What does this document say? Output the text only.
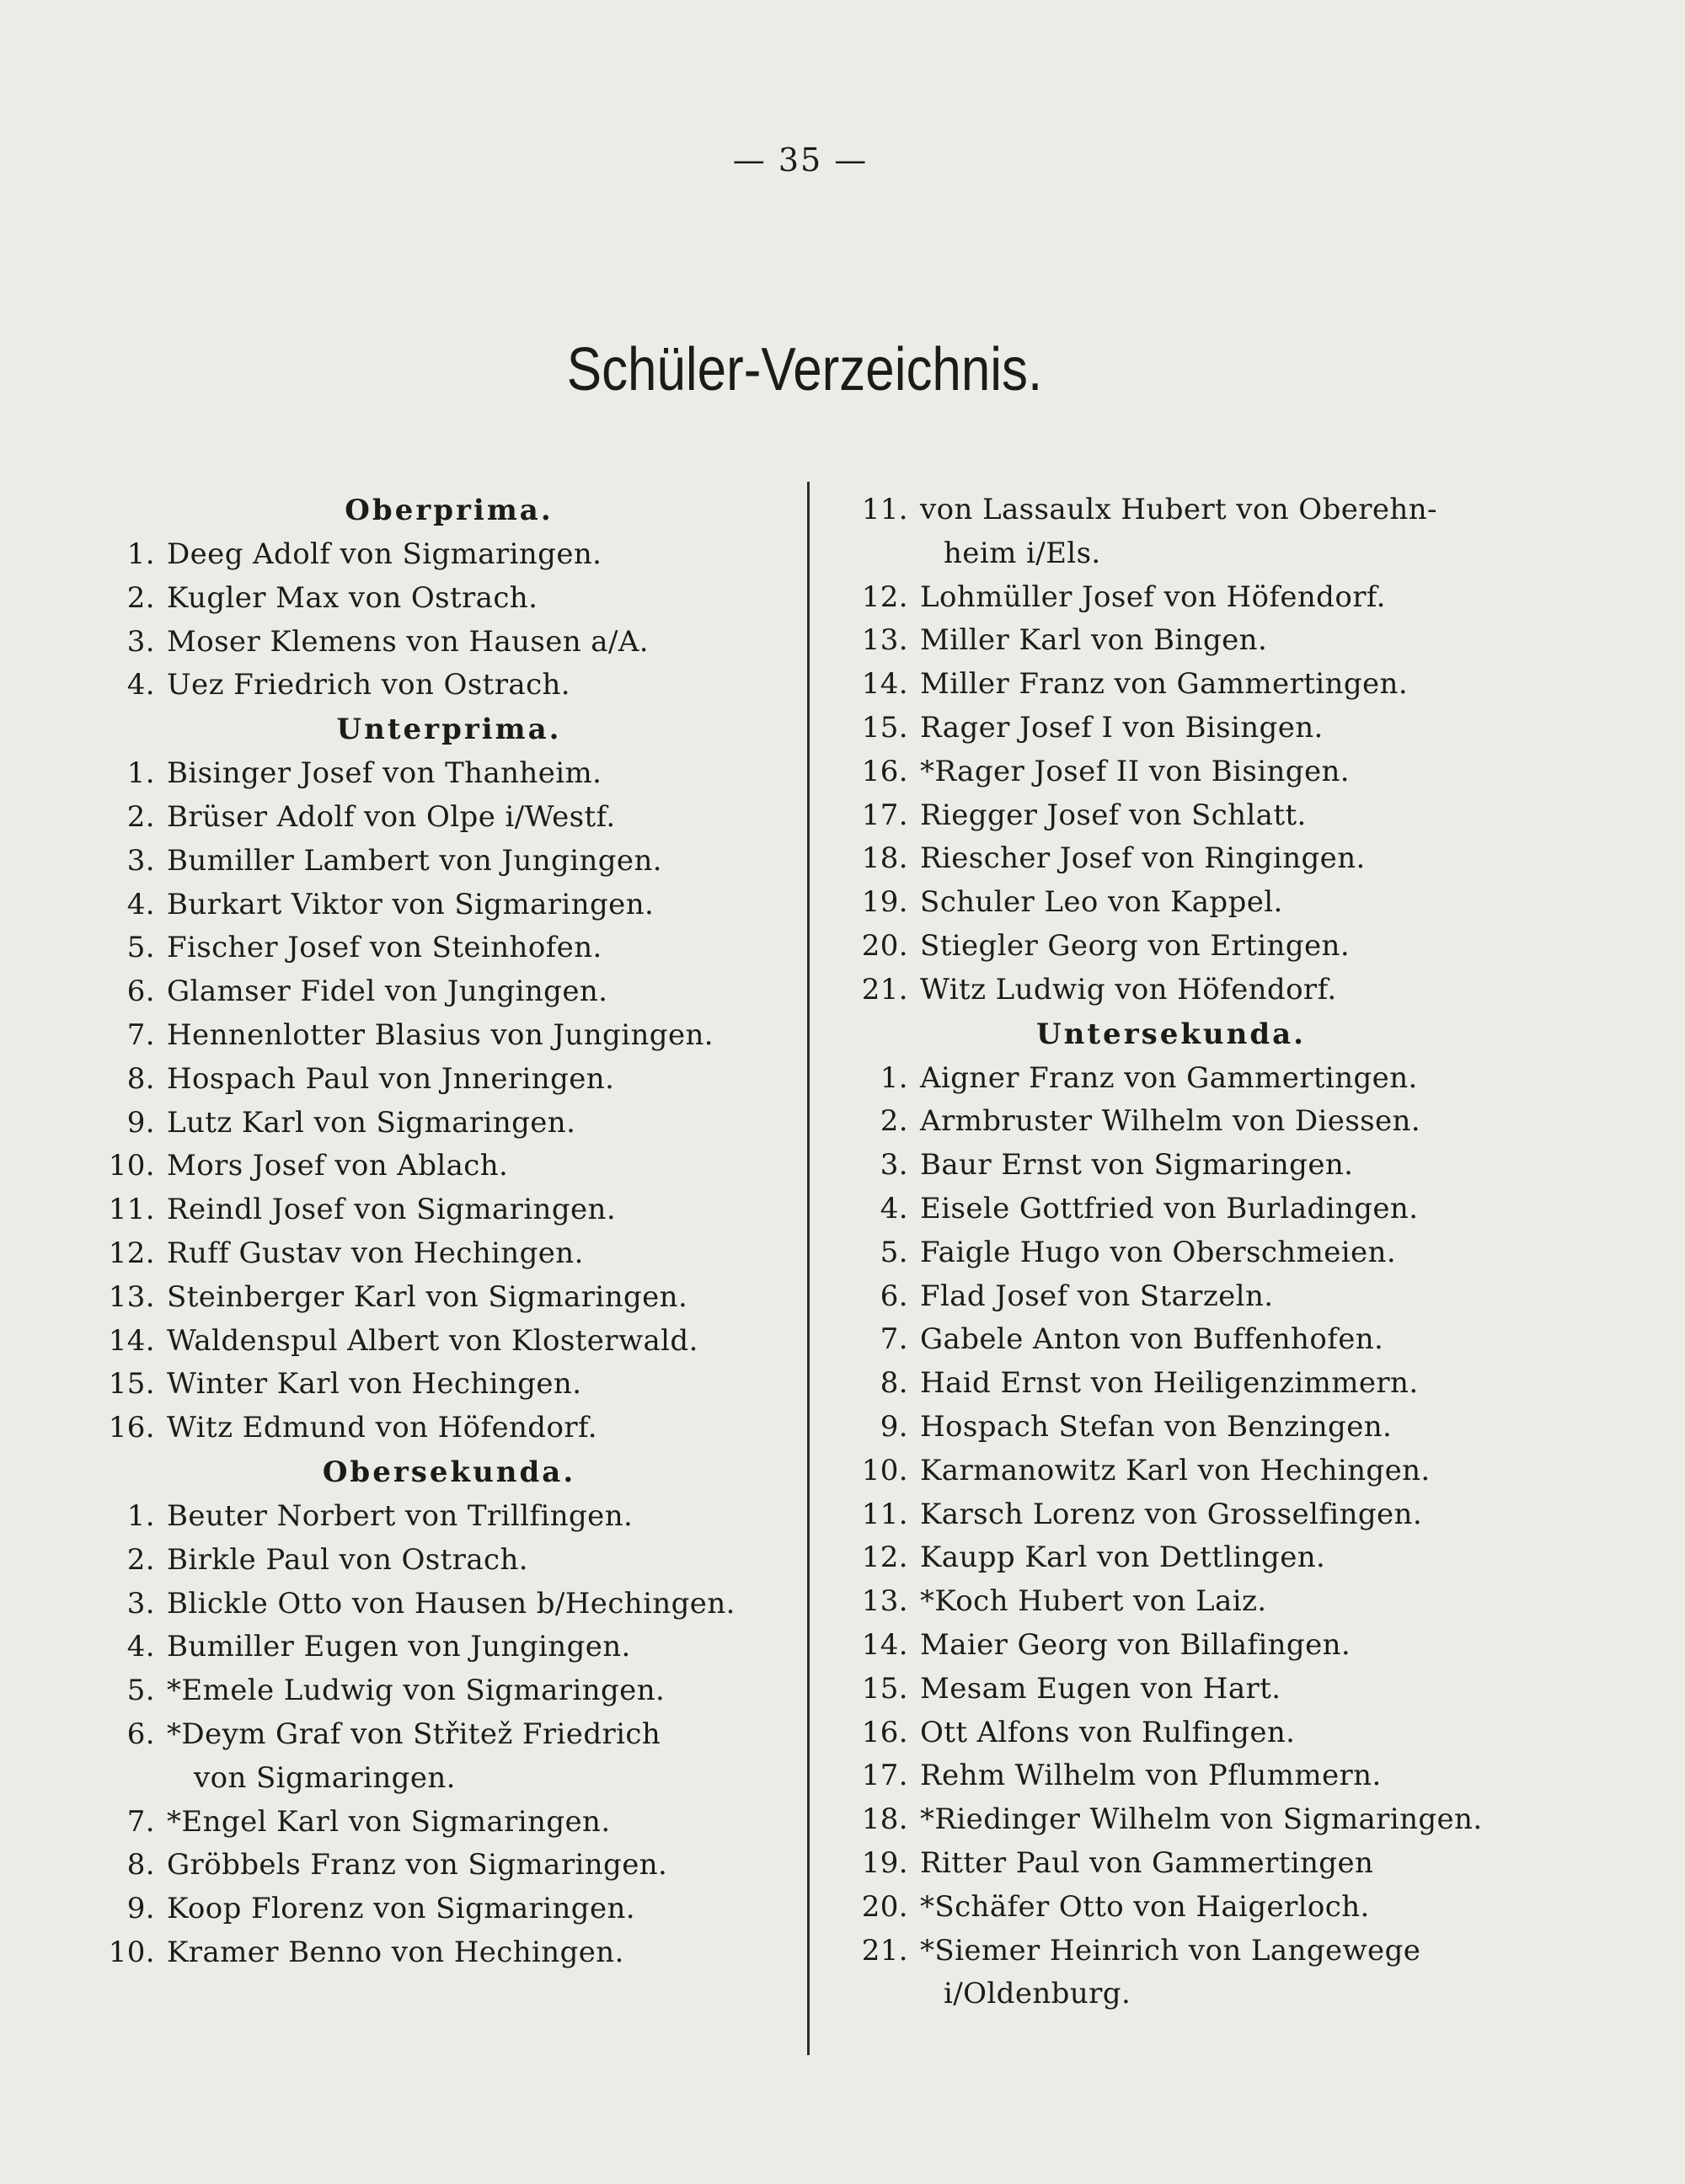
— 35 —
Schüler-Verzeichnis.
Oberprima.
1. Deeg Adolf von Sigmaringen.
2. Kugler Max von Ostrach.
3. Moser Klemens von Hausen a/A.
4. Uez Friedrich von Ostrach.
Unterprima.
1. Bisinger Josef von Thanheim.
2. Brüser Adolf von Olpe i/Westf.
3. Bumiller Lambert von Jungingen.
4. Burkart Viktor von Sigmaringen.
5. Fischer Josef von Steinhofen.
6. Glamser Fidel von Jungingen.
7. Hennenlotter Blasius von Jungingen.
8. Hospach Paul von Jnneringen.
9. Lutz Karl von Sigmaringen.
10. Mors Josef von Ablach.
11. Reindl Josef von Sigmaringen.
12. Ruff Gustav von Hechingen.
13. Steinberger Karl von Sigmaringen.
14. Waldenspul Albert von Klosterwald.
15. Winter Karl von Hechingen.
16. Witz Edmund von Höfendorf.
Obersekunda.
1. Beuter Norbert von Trillfingen.
2. Birkle Paul von Ostrach.
3. Blickle Otto von Hausen b/Hechingen.
4. Bumiller Eugen von Jungingen.
5. *Emele Ludwig von Sigmaringen.
6. *Deym Graf von Střitež Friedrich
von Sigmaringen.
7. *Engel Karl von Sigmaringen.
8. Gröbbels Franz von Sigmaringen.
9. Koop Florenz von Sigmaringen.
10. Kramer Benno von Hechingen.
11. von Lassaulx Hubert von Oberehn-
heim i/Els.
12. Lohmüller Josef von Höfendorf.
13. Miller Karl von Bingen.
14. Miller Franz von Gammertingen.
15. Rager Josef I von Bisingen.
16. *Rager Josef II von Bisingen.
17. Riegger Josef von Schlatt.
18. Riescher Josef von Ringingen.
19. Schuler Leo von Kappel.
20. Stiegler Georg von Ertingen.
21. Witz Ludwig von Höfendorf.
Untersekunda.
1. Aigner Franz von Gammertingen.
2. Armbruster Wilhelm von Diessen.
3. Baur Ernst von Sigmaringen.
4. Eisele Gottfried von Burladingen.
5. Faigle Hugo von Oberschmeien.
6. Flad Josef von Starzeln.
7. Gabele Anton von Buffenhofen.
8. Haid Ernst von Heiligenzimmern.
9. Hospach Stefan von Benzingen.
10. Karmanowitz Karl von Hechingen.
11. Karsch Lorenz von Grosselfingen.
12. Kaupp Karl von Dettlingen.
13. *Koch Hubert von Laiz.
14. Maier Georg von Billafingen.
15. Mesam Eugen von Hart.
16. Ott Alfons von Rulfingen.
17. Rehm Wilhelm von Pflummern.
18. *Riedinger Wilhelm von Sigmaringen.
19. Ritter Paul von Gammertingen
20. *Schäfer Otto von Haigerloch.
21. *Siemer Heinrich von Langewege
i/Oldenburg.
